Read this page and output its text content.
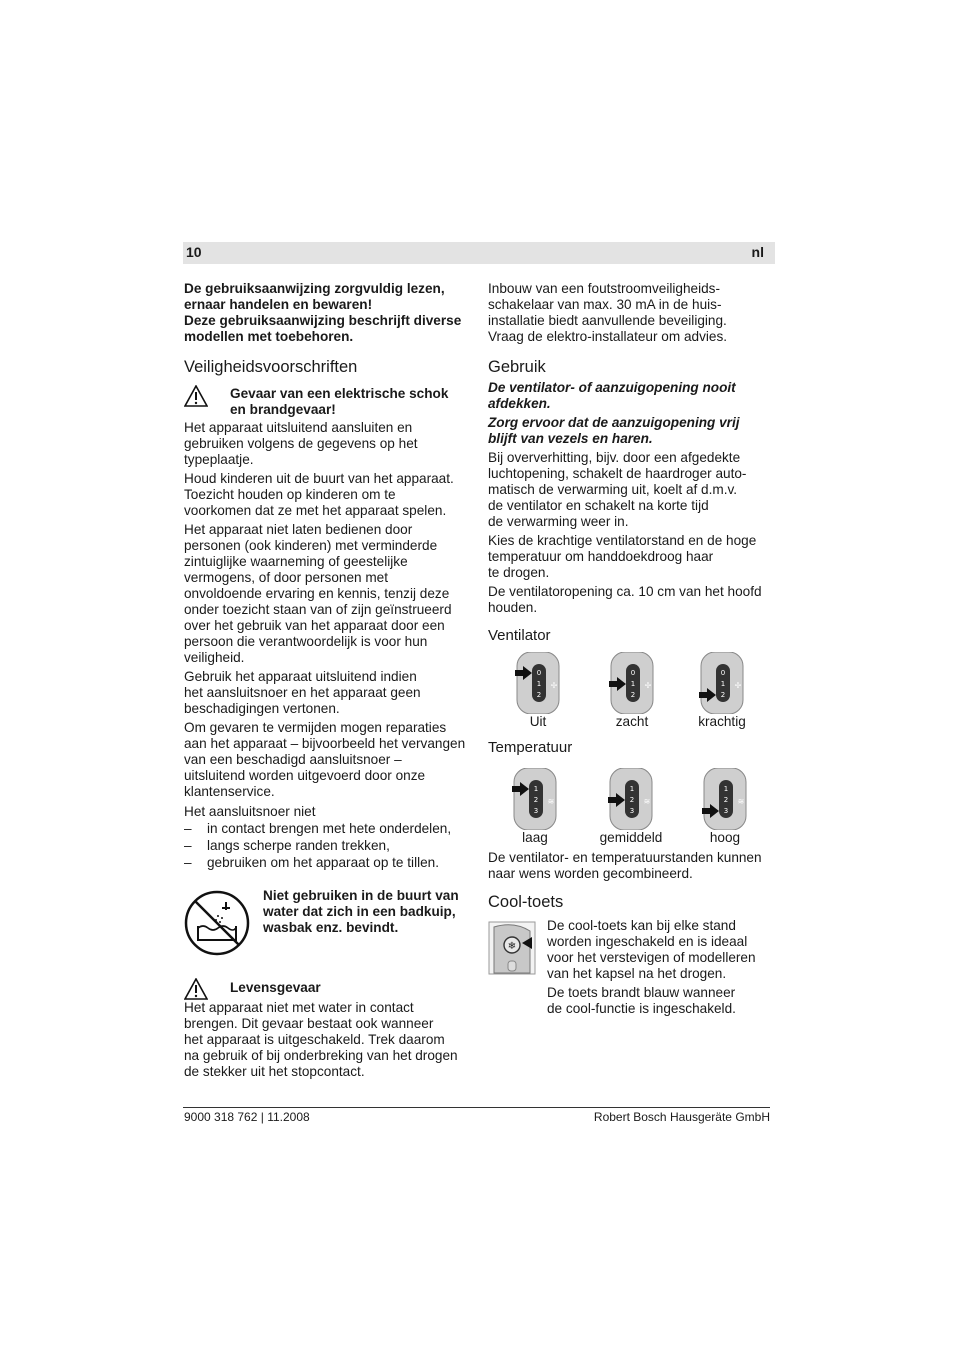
10	nl

De gebruiksaanwijzing zorgvuldig lezen,
ernaar handelen en bewaren!
Deze gebruiksaanwijzing beschrijft diverse
modellen met toebehoren.

Veiligheidsvoorschriften
Gevaar van een elektrische schok
en brandgevaar!

Het apparaat uitsluitend aansluiten en
gebruiken volgens de gegevens op het
typeplaatje.

Houd kinderen uit de buurt van het apparaat.
Toezicht houden op kinderen om te
voorkomen dat ze met het apparaat spelen.

Het apparaat niet laten bedienen door
personen (ook kinderen) met verminderde
zintuiglijke waarneming of geestelijke
vermogens, of door personen met
onvoldoende ervaring en kennis, tenzij deze
onder toezicht staan van of zijn geïnstrueerd
over het gebruik van het apparaat door een
persoon die verantwoordelijk is voor hun
veiligheid.

Gebruik het apparaat uitsluitend indien
het aansluitsnoer en het apparaat geen
beschadigingen vertonen.

Om gevaren te vermijden mogen reparaties
aan het apparaat – bijvoorbeeld het vervangen
van een beschadigd aansluitsnoer –
uitsluitend worden uitgevoerd door onze
klantenservice.

Het aansluitsnoer niet

– in contact brengen met hete onderdelen,
– langs scherpe randen trekken,
– gebruiken om het apparaat op te tillen.
Niet gebruiken in de buurt van
water dat zich in een badkuip,
wasbak enz. bevindt.
Levensgevaar
Het apparaat niet met water in contact
brengen. Dit gevaar bestaat ook wanneer
het apparaat is uitgeschakeld. Trek daarom
na gebruik of bij onderbreking van het drogen
de stekker uit het stopcontact.

Inbouw van een foutstroomveiligheids-
schakelaar van max. 30 mA in de huis-
installatie biedt aanvullende beveiliging.
Vraag de elektro-installateur om advies.

Gebruik

De ventilator- of aanzuigopening nooit
afdekken.

Zorg ervoor dat de aanzuigopening vrij
blijft van vezels en haren.

Bij oververhitting, bijv. door een afgedekte
luchtopening, schakelt de haardroger auto-
matisch de verwarming uit, koelt af d.m.v.
de ventilator en schakelt na korte tijd
de verwarming weer in.

Kies de krachtige ventilatorstand en de hoge
temperatuur om handdoekdroog haar
te drogen.

De ventilatoropening ca. 10 cm van het hoofd
houden.

Ventilator
0
1
2
✢
Uit
0
1
2
✢
zacht
0
1
2
✢
krachtig
Temperatuur
1
2
3
≋
laag
1
2
3
≋
gemiddeld
1
2
3
≋
hoog
De ventilator- en temperatuurstanden kunnen
naar wens worden gecombineerd.
Cool-toets
❄

De cool-toets kan bij elke stand
worden ingeschakeld en is ideaal
voor het verstevigen of modelleren
van het kapsel na het drogen.

De toets brandt blauw wanneer
de cool-functie is ingeschakeld.

9000 318 762 | 11.2008	Robert Bosch Hausgeräte GmbH
